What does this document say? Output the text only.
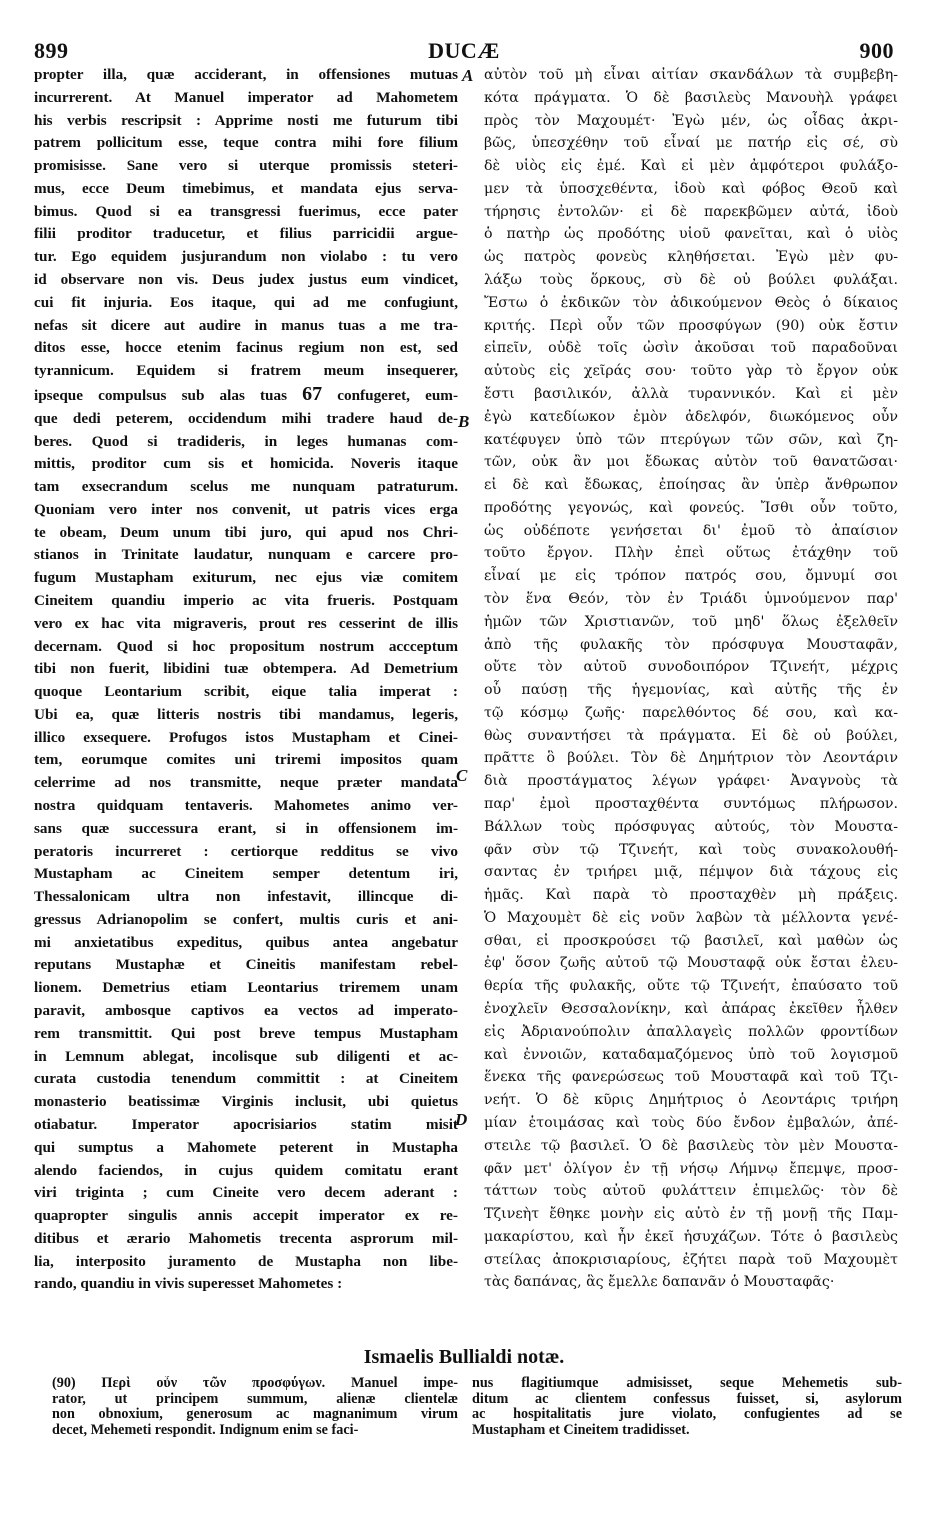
899	DUCÆ	900
propter illa, quæ acciderant, in offensiones mutuas
incurrerent. At Manuel imperator ad Mahometem
his verbis rescripsit : Apprime nosti me futurum tibi
patrem pollicitum esse, teque contra mihi fore filium
promisisse. Sane vero si uterque promissis steteri-
mus, ecce Deum timebimus, et mandata ejus serva-
bimus. Quod si ea transgressi fuerimus, ecce pater
filii proditor traducetur, et filius parricidii argue-
tur. Ego equidem jusjurandum non violabo : tu vero
id observare non vis. Deus judex justus eum vindicet,
cui fit injuria. Eos itaque, qui ad me confugiunt,
nefas sit dicere aut audire in manus tuas a me tra-
ditos esse, hocce etenim facinus regium non est, sed
tyrannicum. Equidem si fratrem meum insequerer,
ipseque compulsus sub alas tuas 67 confugeret, eum-
que dedi peterem, occidendum mihi tradere haud de-
beres. Quod si tradideris, in leges humanas com-
mittis, proditor cum sis et homicida. Noveris itaque
tam exsecrandum scelus me nunquam patraturum.
Quoniam vero inter nos convenit, ut patris vices erga
te obeam, Deum unum tibi juro, qui apud nos Chri-
stianos in Trinitate laudatur, nunquam e carcere pro-
fugum Mustapham exiturum, nec ejus viæ comitem
Cineitem quandiu imperio ac vita frueris. Postquam
vero ex hac vita migraveris, prout res cesserint de illis
decernam. Quod si hoc propositum nostrum accceptum
tibi non fuerit, libidini tuæ obtempera. Ad Demetrium
quoque Leontarium scribit, eique talia imperat :
Ubi ea, quæ litteris nostris tibi mandamus, legeris,
illico exsequere. Profugos istos Mustapham et Cinei-
tem, eorumque comites uni triremi impositos quam
celerrime ad nos transmitte, neque præter mandata
nostra quidquam tentaveris. Mahometes animo ver-
sans quæ successura erant, si in offensionem im-
peratoris incurreret : certiorque redditus se vivo
Mustapham ac Cineitem semper detentum iri,
Thessalonicam ultra non infestavit, illincque di-
gressus Adrianopolim se confert, multis curis et ani-
mi anxietatibus expeditus, quibus antea angebatur
reputans Mustaphæ et Cineitis manifestam rebel-
lionem. Demetrius etiam Leontarius triremem unam
paravit, ambosque captivos ea vectos ad imperato-
rem transmittit. Qui post breve tempus Mustapham
in Lemnum ablegat, incolisque sub diligenti et ac-
curata custodia tenendum committit : at Cineitem
monasterio beatissimæ Virginis inclusit, ubi quietus
otiabatur. Imperator apocrisiarios statim misit
qui sumptus a Mahomete peterent in Mustapha
alendo faciendos, in cujus quidem comitatu erant
viri triginta ; cum Cineite vero decem aderant :
quapropter singulis annis accepit imperator ex re-
ditibus et ærario Mahometis trecenta asprorum mil-
lia, interposito juramento de Mustapha non libe-
rando, quandiu in vivis superesset Mahometes :
αὐτὸν τοῦ μὴ εἶναι αἰτίαν σκανδάλων τὰ συμβεβη-
κότα πράγματα. Ὁ δὲ βασιλεὺς Μανουὴλ γράφει
πρὸς τὸν Μαχουμέτ· Ἐγὼ μέν, ὡς οἶδας ἀκρι-
βῶς, ὑπεσχέθην τοῦ εἶναί με πατήρ εἰς σέ, σὺ
δὲ υἱὸς εἰς ἐμέ. Καὶ εἰ μὲν ἀμφότεροι φυλάξο-
μεν τὰ ὑποσχεθέντα, ἰδοὺ καὶ φόβος Θεοῦ καὶ
τήρησις ἐντολῶν· εἰ δὲ παρεκβῶμεν αὐτά, ἰδοὺ
ὁ πατὴρ ὡς προδότης υἱοῦ φανεῖται, καὶ ὁ υἱὸς
ὡς πατρὸς φονεὺς κληθήσεται. Ἐγὼ μὲν φυ-
λάξω τοὺς ὅρκους, σὺ δὲ οὐ βούλει φυλάξαι.
Ἔστω ὁ ἐκδικῶν τὸν ἀδικούμενον Θεὸς ὁ δίκαιος
κριτής. Περὶ οὖν τῶν προσφύγων (90) οὐκ ἔστιν
εἰπεῖν, οὐδὲ τοῖς ὠσὶν ἀκοῦσαι τοῦ παραδοῦναι
αὐτοὺς εἰς χεῖράς σου· τοῦτο γὰρ τὸ ἔργον οὐκ
ἔστι βασιλικόν, ἀλλὰ τυραννικόν. Καὶ εἰ μὲν
ἐγὼ κατεδίωκον ἐμὸν ἀδελφόν, διωκόμενος οὖν
κατέφυγεν ὑπὸ τῶν πτερύγων τῶν σῶν, καὶ ζη-
τῶν, οὐκ ἂν μοι ἔδωκας αὐτὸν τοῦ θανατῶσαι·
εἰ δὲ καὶ ἔδωκας, ἐποίησας ἂν ὑπὲρ ἄνθρωπον
προδότης γεγονώς, καὶ φονεύς. Ἴσθι οὖν τοῦτο,
ὡς οὐδέποτε γενήσεται δι' ἐμοῦ τὸ ἀπαίσιον
τοῦτο ἔργον. Πλὴν ἐπεὶ οὕτως ἐτάχθην τοῦ
εἶναί με εἰς τρόπον πατρός σου, ὄμνυμί σοι
τὸν ἕνα Θεόν, τὸν ἐν Τριάδι ὑμνούμενον παρ'
ἡμῶν τῶν Χριστιανῶν, τοῦ μηδ' ὅλως ἐξελθεῖν
ἀπὸ τῆς φυλακῆς τὸν πρόσφυγα Μουσταφᾶν,
οὔτε τὸν αὐτοῦ συνοδοιπόρον Τζινεήτ, μέχρις
οὗ παύσῃ τῆς ἡγεμονίας, καὶ αὐτῆς τῆς ἐν
τῷ κόσμῳ ζωῆς· παρελθόντος δέ σου, καὶ κα-
θὼς συναντήσει τὰ πράγματα. Εἰ δὲ οὐ βούλει,
πρᾶττε ὃ βούλει. Τὸν δὲ Δημήτριον τὸν Λεοντάριν
διὰ προστάγματος λέγων γράφει· Ἀναγνοὺς τὰ
παρ' ἐμοὶ προσταχθέντα συντόμως πλήρωσον.
Βάλλων τοὺς πρόσφυγας αὐτούς, τὸν Μουστα-
φᾶν σὺν τῷ Τζινεήτ, καὶ τοὺς συνακολουθή-
σαντας ἐν τριήρει μιᾷ, πέμψον διὰ τάχους εἰς
ἡμᾶς. Καὶ παρὰ τὸ προσταχθὲν μὴ πράξεις.
Ὁ Μαχουμὲτ δὲ εἰς νοῦν λαβὼν τὰ μέλλοντα γενέ-
σθαι, εἰ προσκρούσει τῷ βασιλεῖ, καὶ μαθὼν ὡς
ἐφ' ὅσον ζωῆς αὐτοῦ τῷ Μουσταφᾷ οὐκ ἔσται ἐλευ-
θερία τῆς φυλακῆς, οὔτε τῷ Τζινεήτ, ἐπαύσατο τοῦ
ἐνοχλεῖν Θεσσαλονίκην, καὶ ἀπάρας ἐκεῖθεν ἦλθεν
εἰς Ἀδριανούπολιν ἀπαλλαγεὶς πολλῶν φροντίδων
καὶ ἐννοιῶν, καταδαμαζόμενος ὑπὸ τοῦ λογισμοῦ
ἕνεκα τῆς φανερώσεως τοῦ Μουσταφᾶ καὶ τοῦ Τζι-
νεήτ. Ὁ δὲ κῦρις Δημήτριος ὁ Λεοντάρις τριήρη
μίαν ἑτοιμάσας καὶ τοὺς δύο ἔνδον ἐμβαλών, ἀπέ-
στειλε τῷ βασιλεῖ. Ὁ δὲ βασιλεὺς τὸν μὲν Μουστα-
φᾶν μετ' ὀλίγον ἐν τῇ νήσῳ Λήμνῳ ἔπεμψε, προσ-
τάττων τοὺς αὐτοῦ φυλάττειν ἐπιμελῶς· τὸν δὲ
Τζινεὴτ ἔθηκε μονὴν εἰς αὐτὸ ἐν τῇ μονῇ τῆς Παμ-
μακαρίστου, καὶ ἦν ἐκεῖ ἡσυχάζων. Τότε ὁ βασιλεὺς
στείλας ἀποκρισιαρίους, ἐζήτει παρὰ τοῦ Μαχουμὲτ
τὰς δαπάνας, ἃς ἔμελλε δαπανᾶν ὁ Μουσταφᾶς·
A
B
C
D
Ismaelis Bullialdi notæ.
(90) Περὶ οὖν τῶν προσφύγων. Manuel impe-
rator, ut principem summum, alienæ clientelæ
non obnoxium, generosum ac magnanimum virum
decet, Mehemeti respondit. Indignum enim se faci-
nus flagitiumque admisisset, seque Mehemetis sub-
ditum ac clientem confessus fuisset, si, asylorum
ac hospitalitatis jure violato, confugientes ad se
Mustapham et Cineitem tradidisset.
